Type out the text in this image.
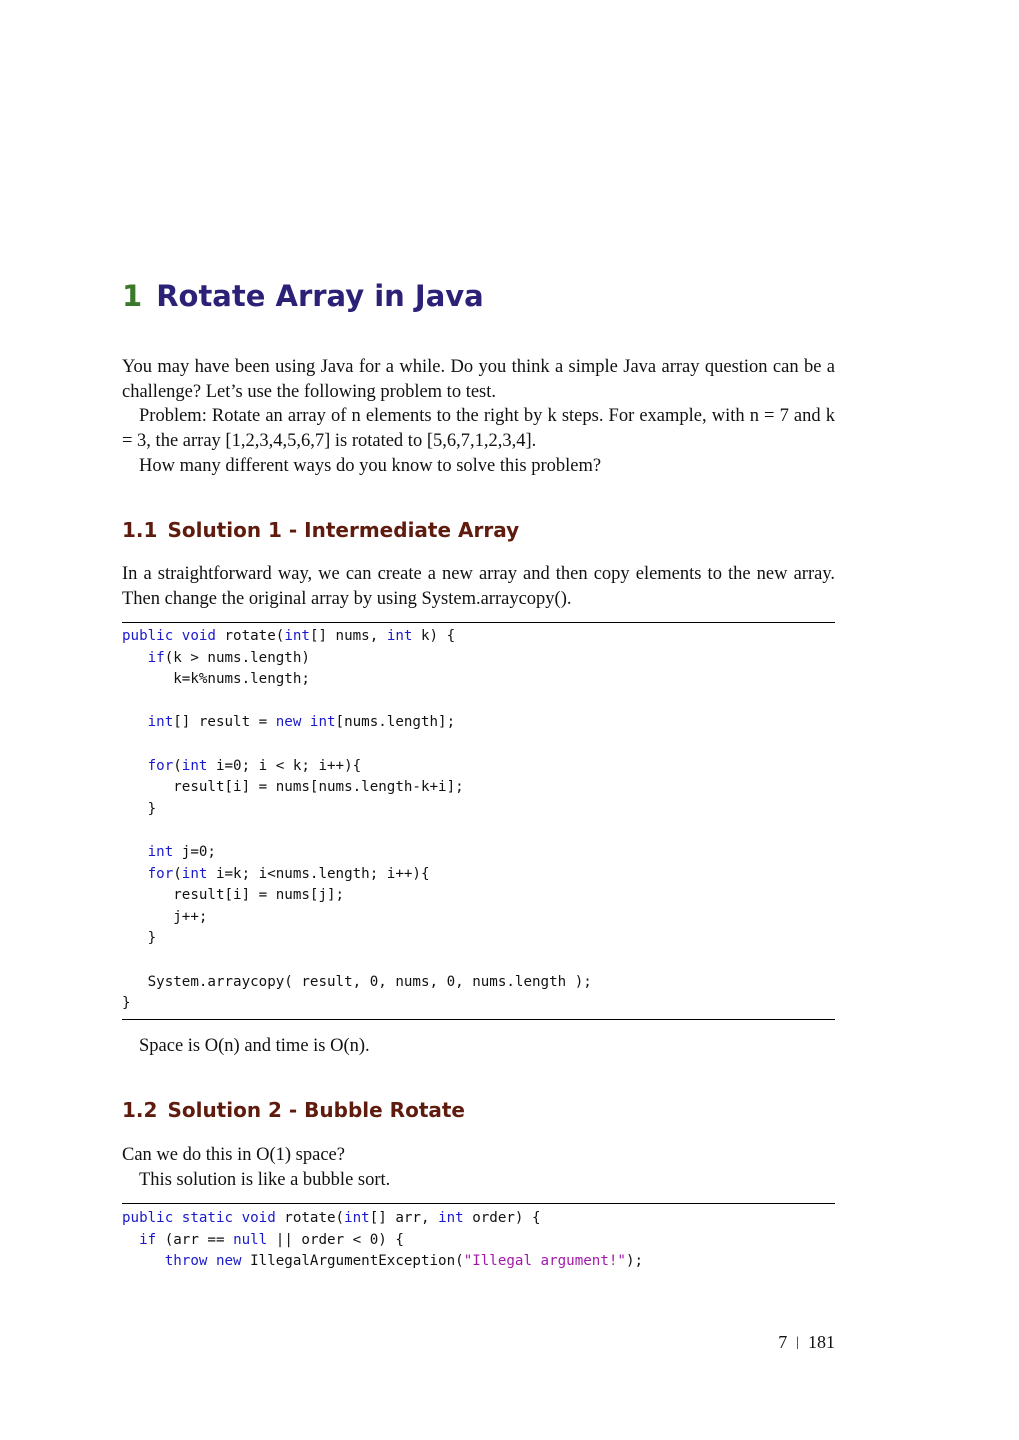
1 Rotate Array in Java

You may have been using Java for a while. Do you think a simple Java array question can be a challenge? Let’s use the following problem to test.

Problem: Rotate an array of n elements to the right by k steps. For example, with n = 7 and k = 3, the array [1,2,3,4,5,6,7] is rotated to [5,6,7,1,2,3,4].

How many different ways do you know to solve this problem?

1.1 Solution 1 - Intermediate Array

In a straightforward way, we can create a new array and then copy elements to the new array. Then change the original array by using System.arraycopy().

public void rotate(int[] nums, int k) {
if(k > nums.length)
k=k%nums.length;
int[] result = new int[nums.length];
for(int i=0; i < k; i++){
result[i] = nums[nums.length-k+i];
}
int j=0;
for(int i=k; i<nums.length; i++){
result[i] = nums[j];
j++;
}
System.arraycopy( result, 0, nums, 0, nums.length );
}

Space is O(n) and time is O(n).

1.2 Solution 2 - Bubble Rotate

Can we do this in O(1) space?

This solution is like a bubble sort.

public static void rotate(int[] arr, int order) {
if (arr == null || order < 0) {
throw new IllegalArgumentException("Illegal argument!");
7 | 181
